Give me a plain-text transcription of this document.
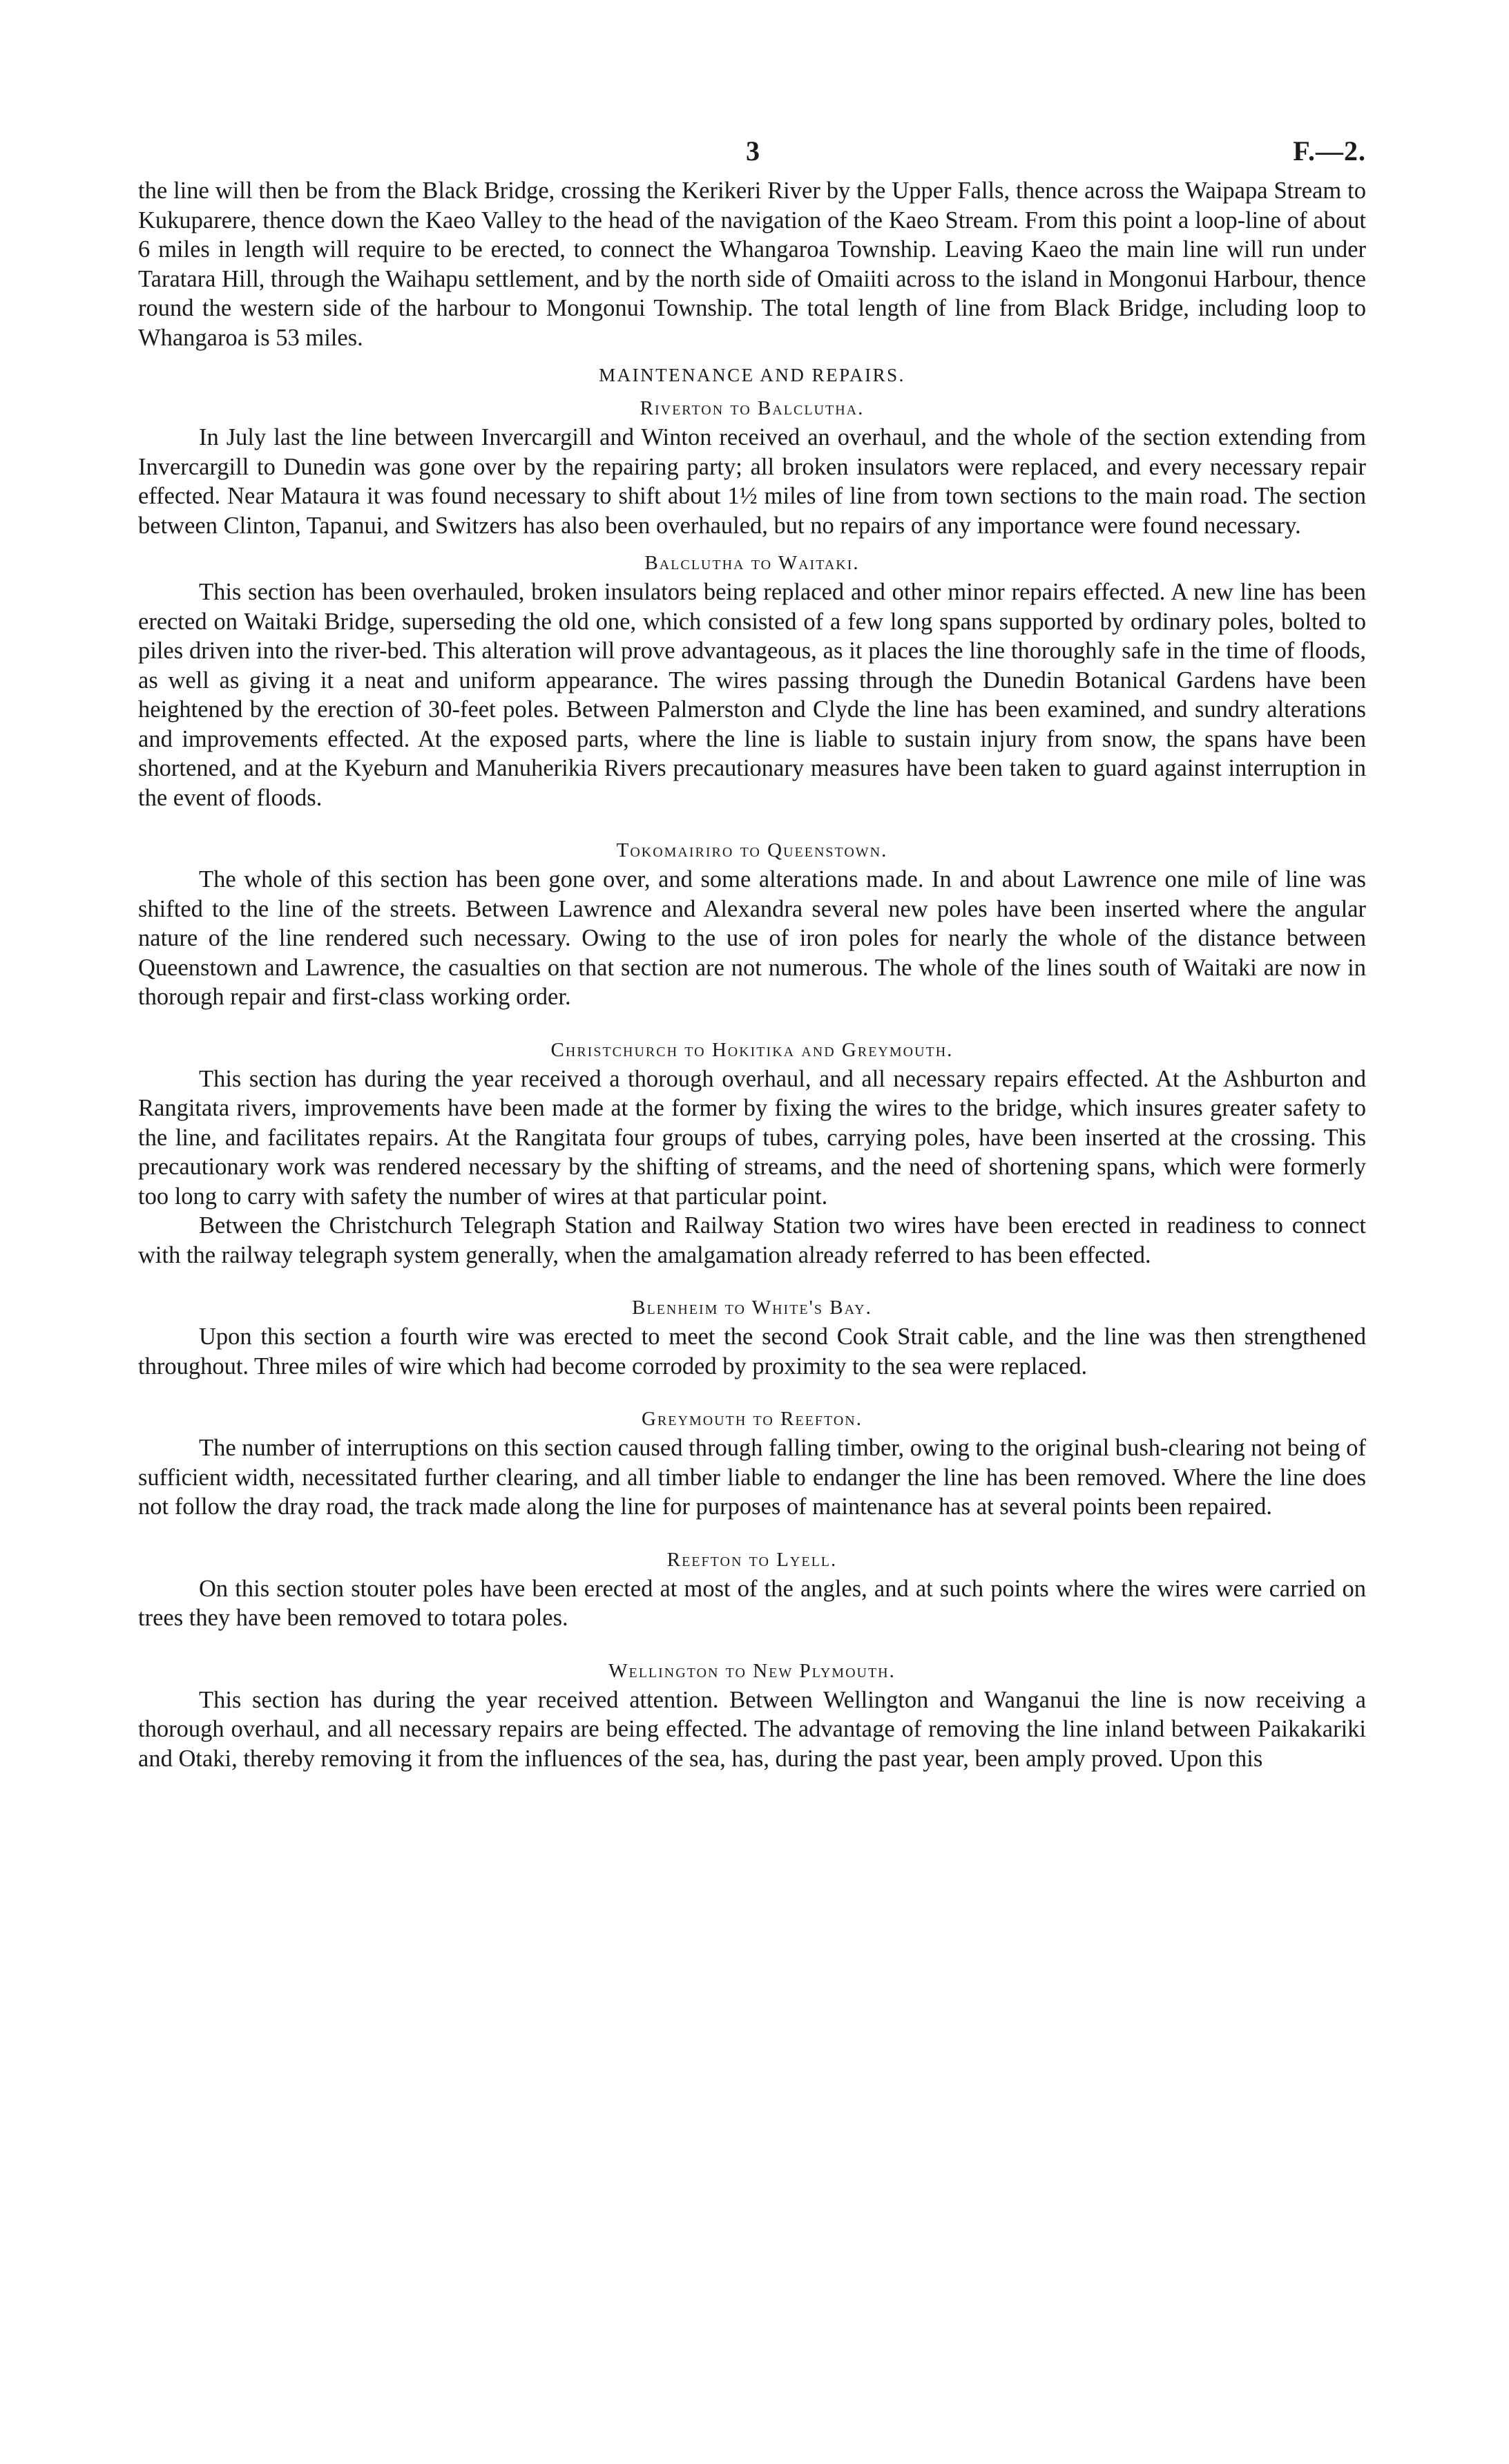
3	F.—2.

the line will then be from the Black Bridge, crossing the Kerikeri River by the Upper Falls, thence across the Waipapa Stream to Kukuparere, thence down the Kaeo Valley to the head of the navigation of the Kaeo Stream. From this point a loop-line of about 6 miles in length will require to be erected, to connect the Whangaroa Township. Leaving Kaeo the main line will run under Taratara Hill, through the Waihapu settlement, and by the north side of Omaiiti across to the island in Mongonui Harbour, thence round the western side of the harbour to Mongonui Township. The total length of line from Black Bridge, including loop to Whangaroa is 53 miles.

MAINTENANCE AND REPAIRS.
Riverton to Balclutha.

In July last the line between Invercargill and Winton received an overhaul, and the whole of the section extending from Invercargill to Dunedin was gone over by the repairing party; all broken insulators were replaced, and every necessary repair effected. Near Mataura it was found necessary to shift about 1½ miles of line from town sections to the main road. The section between Clinton, Tapanui, and Switzers has also been overhauled, but no repairs of any importance were found necessary.

Balclutha to Waitaki.

This section has been overhauled, broken insulators being replaced and other minor repairs effected. A new line has been erected on Waitaki Bridge, superseding the old one, which consisted of a few long spans supported by ordinary poles, bolted to piles driven into the river-bed. This alteration will prove advantageous, as it places the line thoroughly safe in the time of floods, as well as giving it a neat and uniform appearance. The wires passing through the Dunedin Botanical Gardens have been heightened by the erection of 30-feet poles. Between Palmerston and Clyde the line has been examined, and sundry alterations and improvements effected. At the exposed parts, where the line is liable to sustain injury from snow, the spans have been shortened, and at the Kyeburn and Manuherikia Rivers precautionary measures have been taken to guard against interruption in the event of floods.

Tokomairiro to Queenstown.

The whole of this section has been gone over, and some alterations made. In and about Lawrence one mile of line was shifted to the line of the streets. Between Lawrence and Alexandra several new poles have been inserted where the angular nature of the line rendered such necessary. Owing to the use of iron poles for nearly the whole of the distance between Queenstown and Lawrence, the casualties on that section are not numerous. The whole of the lines south of Waitaki are now in thorough repair and first-class working order.

Christchurch to Hokitika and Greymouth.

This section has during the year received a thorough overhaul, and all necessary repairs effected. At the Ashburton and Rangitata rivers, improvements have been made at the former by fixing the wires to the bridge, which insures greater safety to the line, and facilitates repairs. At the Rangitata four groups of tubes, carrying poles, have been inserted at the crossing. This precautionary work was rendered necessary by the shifting of streams, and the need of shortening spans, which were formerly too long to carry with safety the number of wires at that particular point.

Between the Christchurch Telegraph Station and Railway Station two wires have been erected in readiness to connect with the railway telegraph system generally, when the amalgamation already referred to has been effected.

Blenheim to White's Bay.

Upon this section a fourth wire was erected to meet the second Cook Strait cable, and the line was then strengthened throughout. Three miles of wire which had become corroded by proximity to the sea were replaced.

Greymouth to Reefton.

The number of interruptions on this section caused through falling timber, owing to the original bush-clearing not being of sufficient width, necessitated further clearing, and all timber liable to endanger the line has been removed. Where the line does not follow the dray road, the track made along the line for purposes of maintenance has at several points been repaired.

Reefton to Lyell.

On this section stouter poles have been erected at most of the angles, and at such points where the wires were carried on trees they have been removed to totara poles.

Wellington to New Plymouth.

This section has during the year received attention. Between Wellington and Wanganui the line is now receiving a thorough overhaul, and all necessary repairs are being effected. The advantage of removing the line inland between Paikakariki and Otaki, thereby removing it from the influences of the sea, has, during the past year, been amply proved. Upon this
